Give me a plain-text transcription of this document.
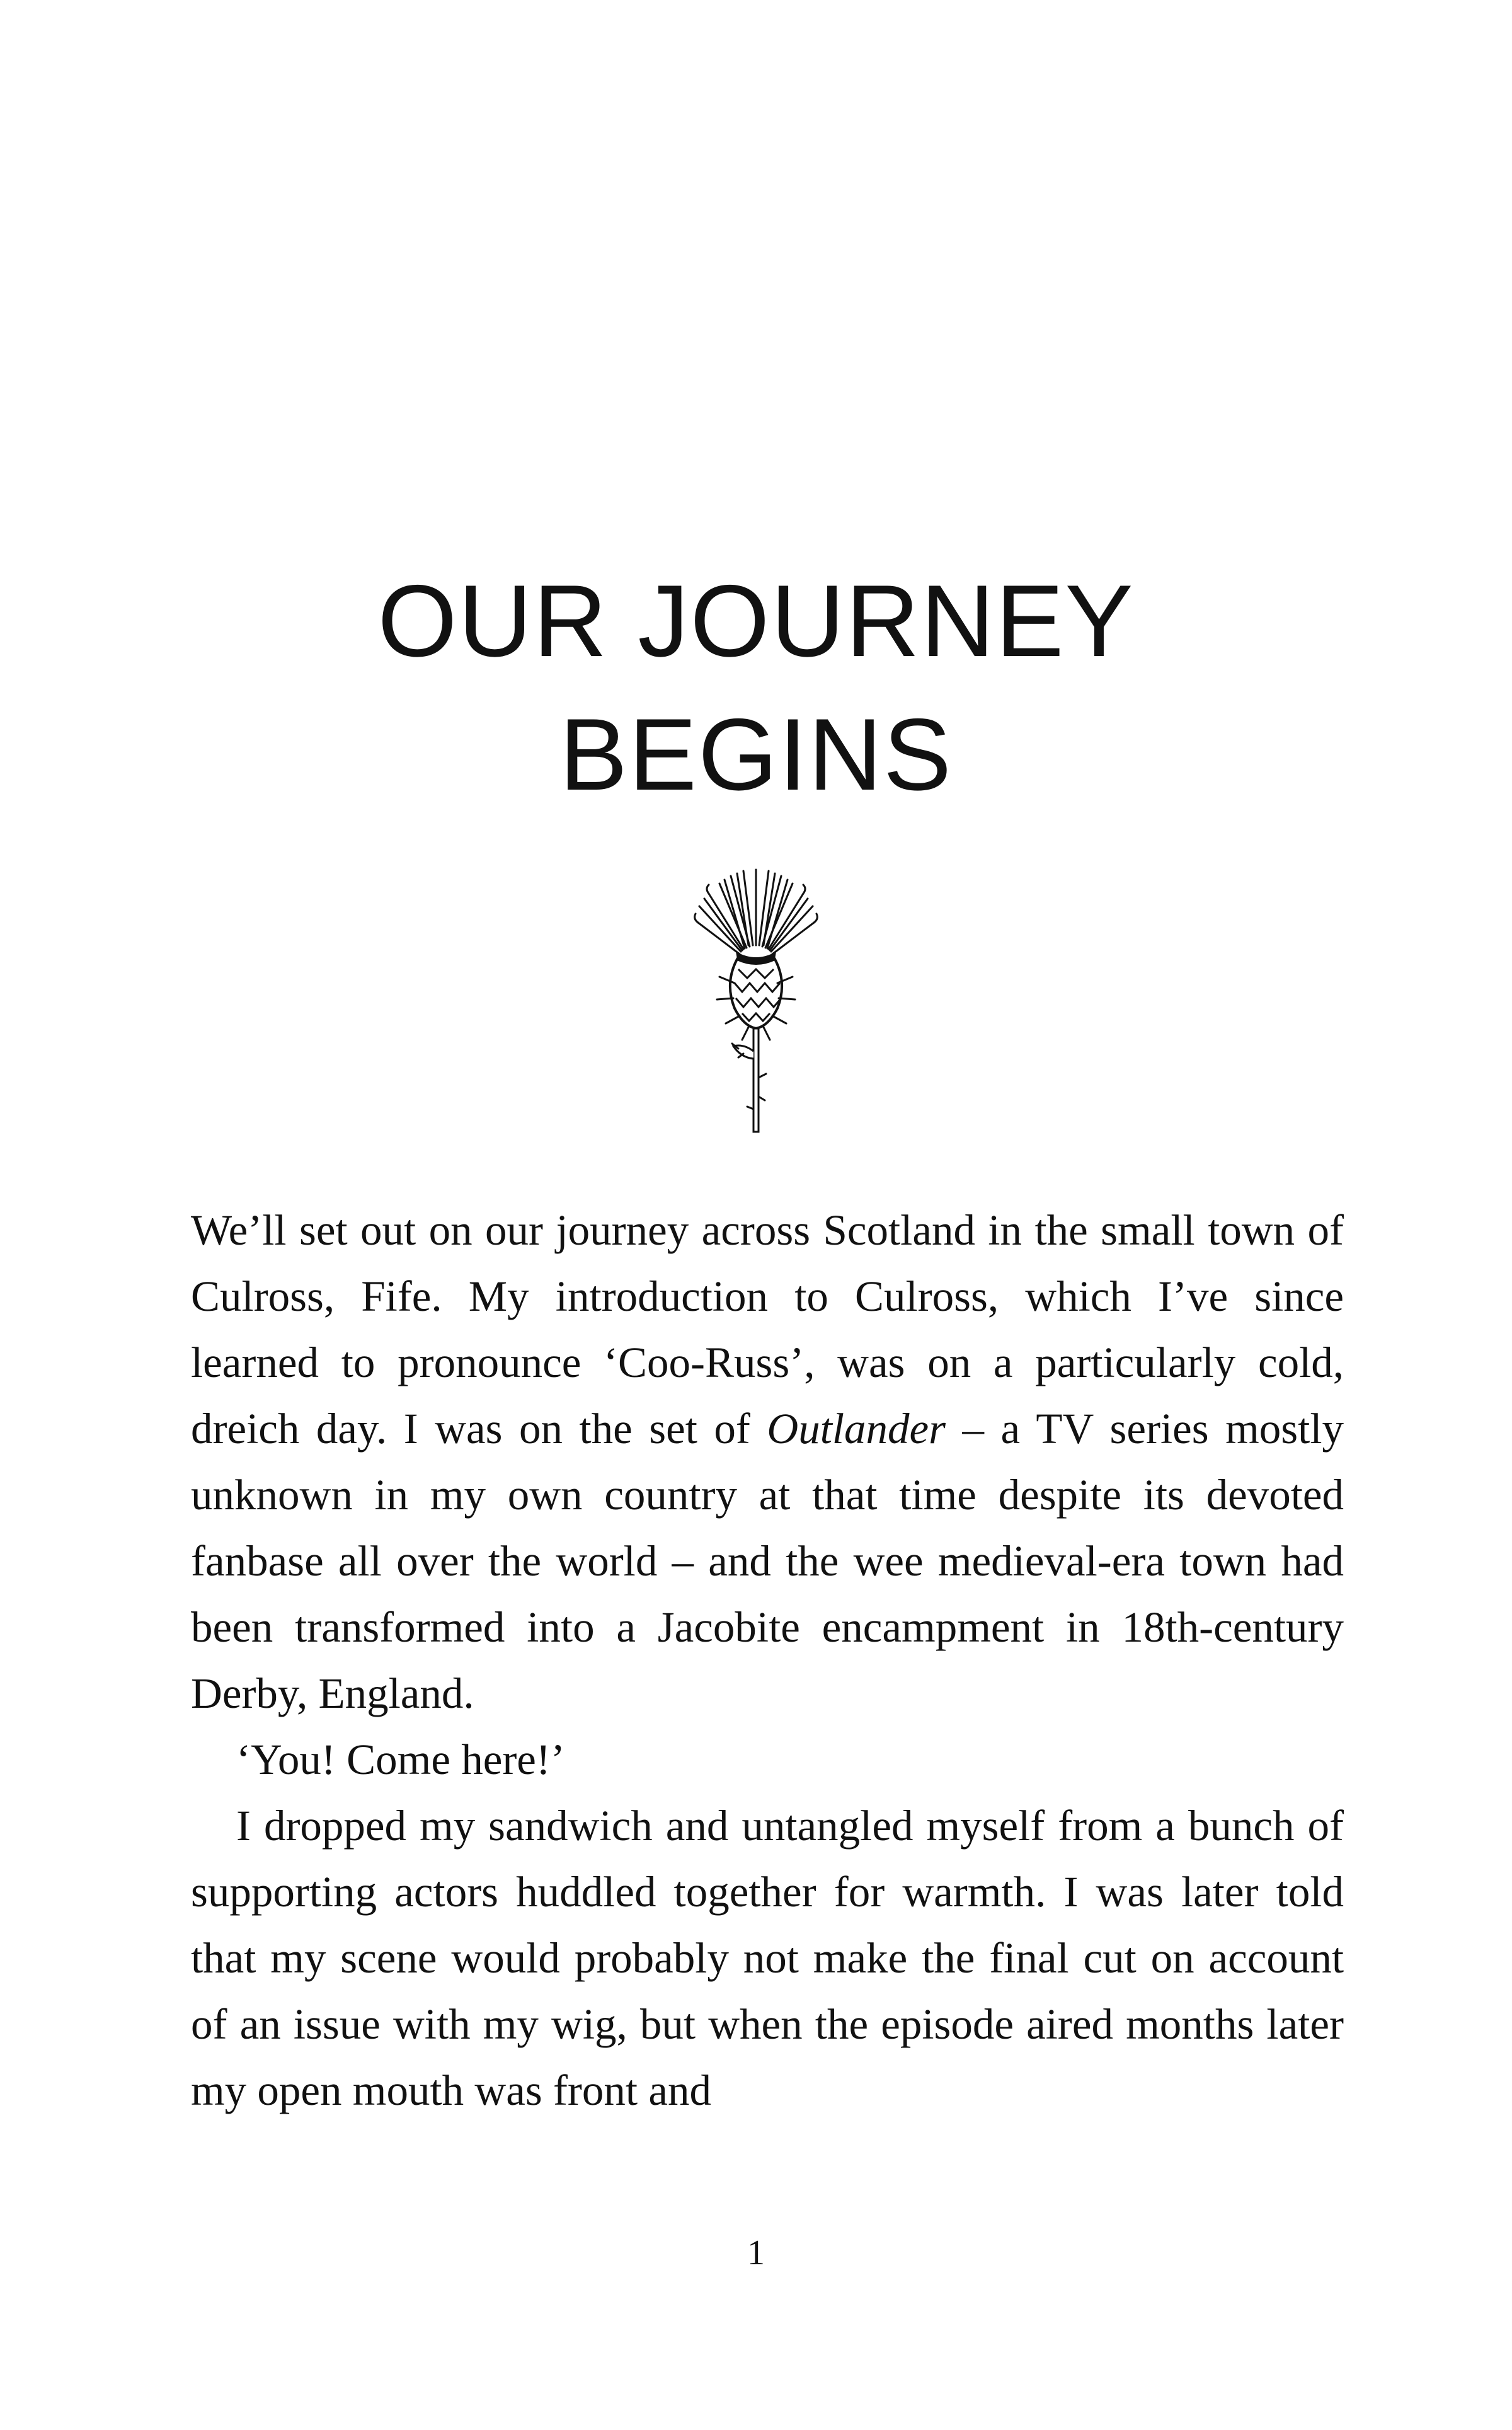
OUR JOURNEY
BEGINS

We’ll set out on our journey across Scotland in the small town of Culross, Fife. My introduction to Culross, which I’ve since learned to pronounce ‘Coo-Russ’, was on a particularly cold, dreich day. I was on the set of Outlander – a TV series mostly unknown in my own country at that time despite its devoted fanbase all over the world – and the wee medieval-era town had been transformed into a Jacobite encampment in 18th-century Derby, England.

‘You! Come here!’

I dropped my sandwich and untangled myself from a bunch of supporting actors huddled together for warmth. I was later told that my scene would probably not make the final cut on account of an issue with my wig, but when the episode aired months later my open mouth was front and

1
